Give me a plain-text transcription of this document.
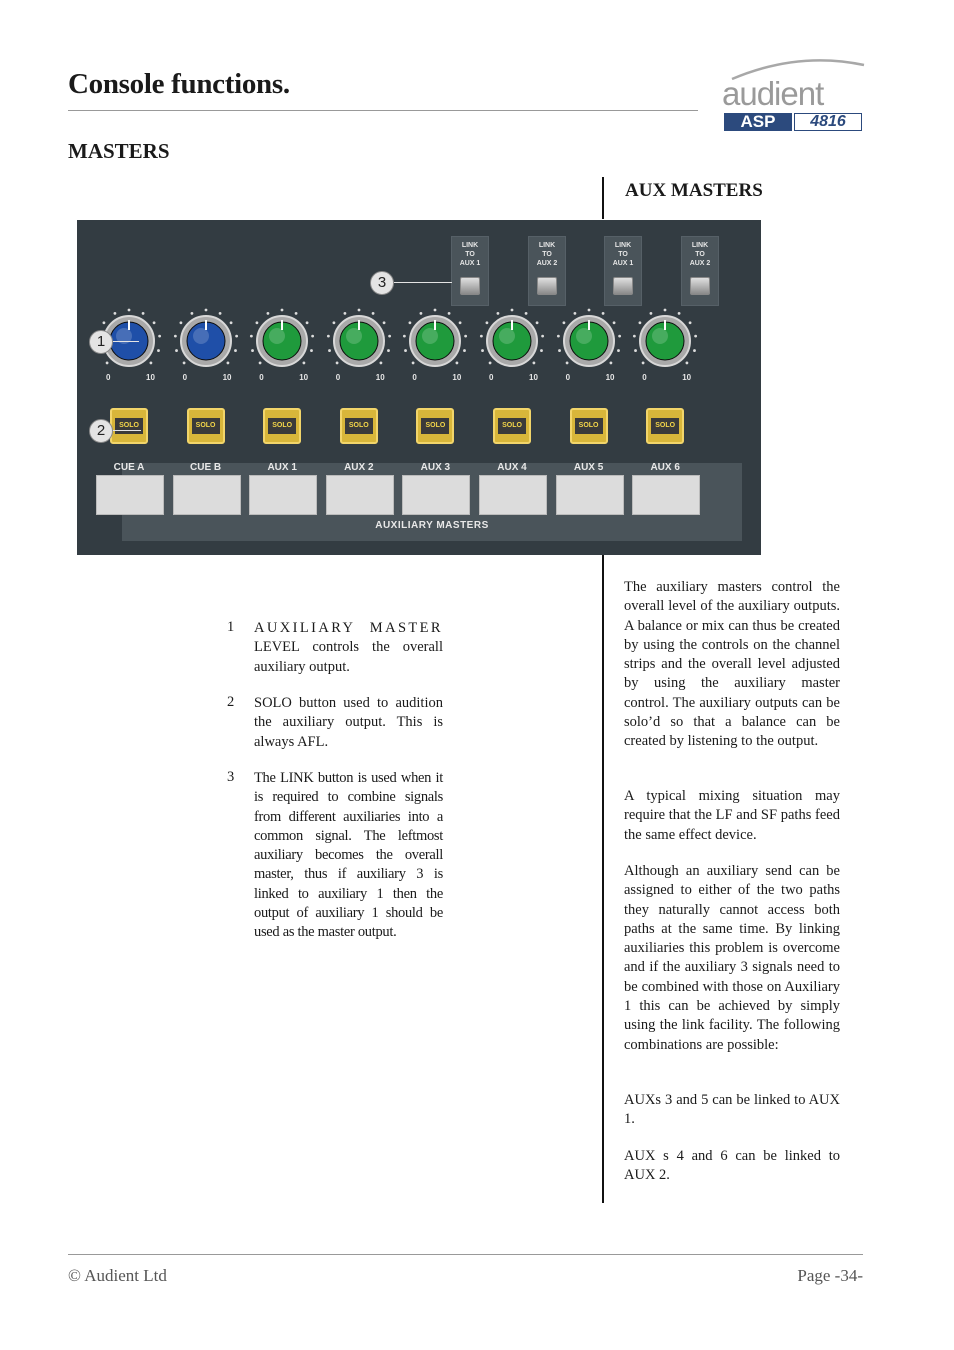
Console functions.
MASTERS
audient
ASP	4816
AUX MASTERS
LINK
TO
AUX 1
LINK
TO
AUX 2
LINK
TO
AUX 1
LINK
TO
AUX 2
0	10	0	10	0	10	0	10	0	10	0	10	0	10	0	10
SOLO	SOLO	SOLO	SOLO	SOLO	SOLO	SOLO	SOLO
CUE A	CUE B	AUX 1	AUX 2	AUX 3	AUX 4	AUX 5	AUX 6
AUXILIARY MASTERS
1
2
3
1 AUXILIARY MASTER LEVEL controls the overall auxiliary output.
2 SOLO button used to audition the auxiliary output. This is always AFL.
3 The LINK button is used when it is required to combine signals from different auxiliaries into a common signal. The leftmost auxiliary becomes the overall master, thus if auxiliary 3 is linked to auxiliary 1 then the output of auxiliary 1 should be used as the master output.
The auxiliary masters control the overall level of the auxiliary outputs. A balance or mix can thus be created by using the controls on the channel strips and the overall level adjusted by using the auxiliary master control. The auxiliary outputs can be solo’d so that a balance can be created by listening to the output.
A typical mixing situation may require that the LF and SF paths feed the same effect device.
Although an auxiliary send can be assigned to either of the two paths they naturally cannot access both paths at the same time. By linking auxiliaries this problem is overcome and if the auxiliary 3 signals need to be combined with those on Auxiliary 1 this can be achieved by simply using the link facility. The following combinations are possible:
AUXs 3 and 5 can be linked to AUX 1.
AUX s 4 and 6 can be linked to AUX 2.
© Audient Ltd	Page -34-
